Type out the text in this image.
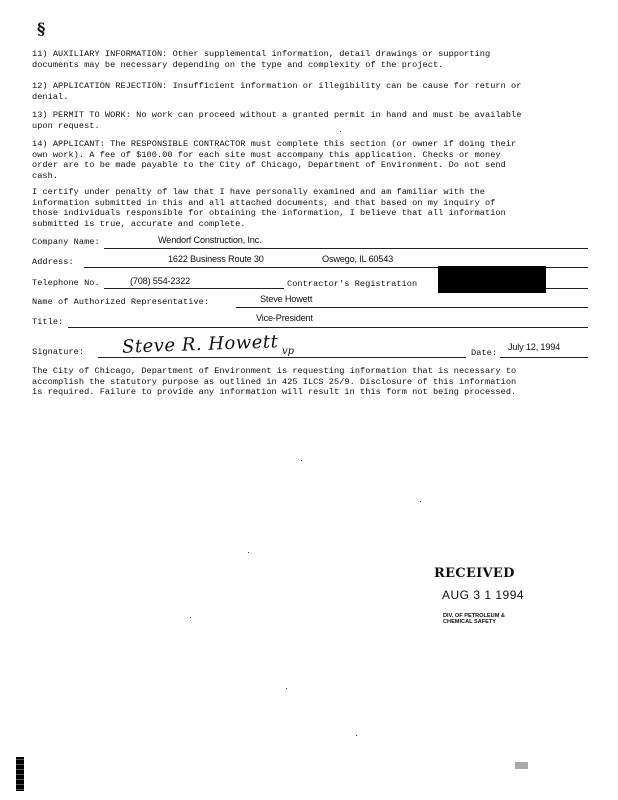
§
11) AUXILIARY INFORMATION: Other supplemental information, detail drawings or supporting
documents may be necessary depending on the type and complexity of the project.
12) APPLICATION REJECTION: Insufficient information or illegibility can be cause for return or
denial.
13) PERMIT TO WORK: No work can proceed without a granted permit in hand and must be available
upon request.
14) APPLICANT: The RESPONSIBLE CONTRACTOR must complete this section (or owner if doing their
own work). A fee of $100.00 for each site must accompany this application. Checks or money
order are to be made payable to the City of Chicago, Department of Environment. Do not send
cash.
I certify under penalty of law that I have personally examined and am familiar with the
information submitted in this and all attached documents, and that based on my inquiry of
those individuals responsible for obtaining the information, I believe that all information
submitted is true, accurate and complete.
Company Name:	Wendorf Construction, Inc.
Address:	1622 Business Route 30	Oswego, IL 60543
Telephone No.	(708) 554-2322	Contractor's Registration
Name of Authorized Representative:	Steve Howett
Title:	Vice-President
Signature: Steve R. Howett vp	Date:
July 12, 1994
The City of Chicago, Department of Environment is requesting information that is necessary to
accomplish the statutory purpose as outlined in 425 ILCS 25/9. Disclosure of this information
is required. Failure to provide any information will result in this form not being processed.
RECEIVED
AUG 3 1 1994
DIV. OF PETROLEUM &
CHEMICAL SAFETY
